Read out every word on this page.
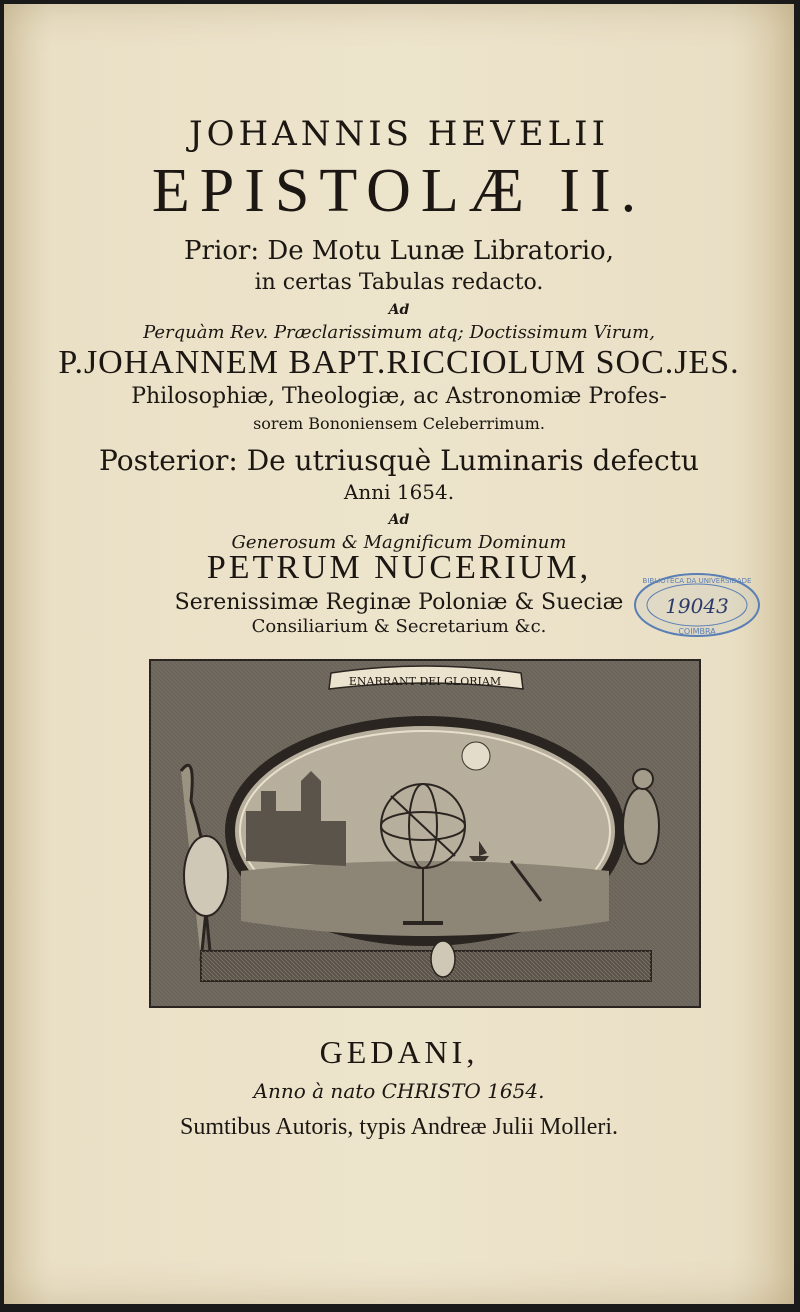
JOHANNIS HEVELII
EPISTOLÆ II.
Prior: De Motu Lunæ Libratorio,
in certas Tabulas redacto.
Ad
Perquàm Rev. Præclarissimum atq; Doctissimum Virum,
P.JOHANNEM BAPT.RICCIOLUM SOC.JES.
Philosophiæ, Theologiæ, ac Astronomiæ Profes-
sorem Bononiensem Celeberrimum.
Posterior: De utriusquè Luminaris defectu
Anni 1654.
Ad
Generosum & Magnificum Dominum
PETRUM NUCERIUM,
Serenissimæ Reginæ Poloniæ & Sueciæ
Consiliarium & Secretarium &c.
BIBLIOTECA DA UNIVERSIDADE
19043
COIMBRA
ENARRANT DEI GLORIAM
GEDANI,
Anno à nato CHRISTO 1654.
Sumtibus Autoris, typis Andreæ Julii Molleri.
